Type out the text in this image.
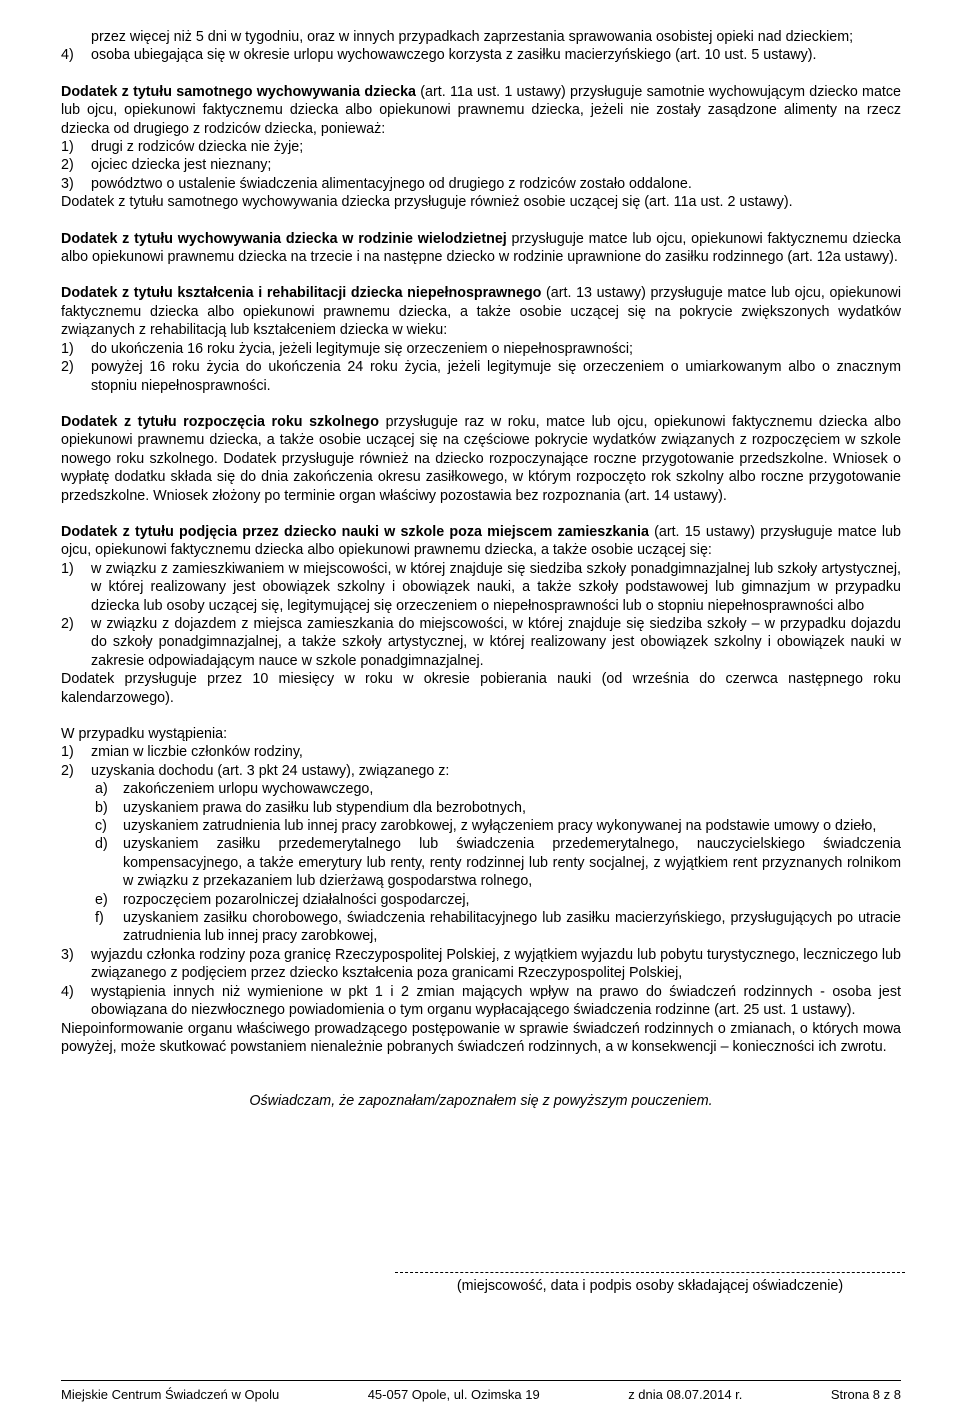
przez więcej niż 5 dni w tygodniu, oraz w innych przypadkach zaprzestania sprawowania osobistej opieki nad dzieckiem;

4)	osoba ubiegająca się w okresie urlopu wychowawczego korzysta z zasiłku macierzyńskiego (art. 10 ust. 5 ustawy).

Dodatek z tytułu samotnego wychowywania dziecka (art. 11a ust. 1 ustawy) przysługuje samotnie wychowującym dziecko matce lub ojcu, opiekunowi faktycznemu dziecka albo opiekunowi prawnemu dziecka, jeżeli nie zostały zasądzone alimenty na rzecz dziecka od drugiego z rodziców dziecka, ponieważ:

1)	drugi z rodziców dziecka nie żyje;
2)	ojciec dziecka jest nieznany;
3)	powództwo o ustalenie świadczenia alimentacyjnego od drugiego z rodziców zostało oddalone.

Dodatek z tytułu samotnego wychowywania dziecka przysługuje również osobie uczącej się (art. 11a ust. 2 ustawy).

Dodatek z tytułu wychowywania dziecka w rodzinie wielodzietnej przysługuje matce lub ojcu, opiekunowi faktycznemu dziecka albo opiekunowi prawnemu dziecka na trzecie i na następne dziecko w rodzinie uprawnione do zasiłku rodzinnego (art. 12a ustawy).

Dodatek z tytułu kształcenia i rehabilitacji dziecka niepełnosprawnego (art. 13 ustawy) przysługuje matce lub ojcu, opiekunowi faktycznemu dziecka albo opiekunowi prawnemu dziecka, a także osobie uczącej się na pokrycie zwiększonych wydatków związanych z rehabilitacją lub kształceniem dziecka w wieku:

1)	do ukończenia 16 roku życia, jeżeli legitymuje się orzeczeniem o niepełnosprawności;
2)	powyżej 16 roku życia do ukończenia 24 roku życia, jeżeli legitymuje się orzeczeniem o umiarkowanym albo o znacznym stopniu niepełnosprawności.

Dodatek z tytułu rozpoczęcia roku szkolnego przysługuje raz w roku, matce lub ojcu, opiekunowi faktycznemu dziecka albo opiekunowi prawnemu dziecka, a także osobie uczącej się na częściowe pokrycie wydatków związanych z rozpoczęciem w szkole nowego roku szkolnego. Dodatek przysługuje również na dziecko rozpoczynające roczne przygotowanie przedszkolne. Wniosek o wypłatę dodatku składa się do dnia zakończenia okresu zasiłkowego, w którym rozpoczęto rok szkolny albo roczne przygotowanie przedszkolne. Wniosek złożony po terminie organ właściwy pozostawia bez rozpoznania (art. 14 ustawy).

Dodatek z tytułu podjęcia przez dziecko nauki w szkole poza miejscem zamieszkania (art. 15 ustawy) przysługuje matce lub ojcu, opiekunowi faktycznemu dziecka albo opiekunowi prawnemu dziecka, a także osobie uczącej się:

1)	w związku z zamieszkiwaniem w miejscowości, w której znajduje się siedziba szkoły ponadgimnazjalnej lub szkoły artystycznej, w której realizowany jest obowiązek szkolny i obowiązek nauki, a także szkoły podstawowej lub gimnazjum w przypadku dziecka lub osoby uczącej się, legitymującej się orzeczeniem o niepełnosprawności lub o stopniu niepełnosprawności albo
2)	w związku z dojazdem z miejsca zamieszkania do miejscowości, w której znajduje się siedziba szkoły – w przypadku dojazdu do szkoły ponadgimnazjalnej, a także szkoły artystycznej, w której realizowany jest obowiązek szkolny i obowiązek nauki w zakresie odpowiadającym nauce w szkole ponadgimnazjalnej.

Dodatek przysługuje przez 10 miesięcy w roku w okresie pobierania nauki (od września do czerwca następnego roku kalendarzowego).

W przypadku wystąpienia:

1)	zmian w liczbie członków rodziny,
2)	uzyskania dochodu (art. 3 pkt 24 ustawy), związanego z:
a)	zakończeniem urlopu wychowawczego,
b)	uzyskaniem prawa do zasiłku lub stypendium dla bezrobotnych,
c)	uzyskaniem zatrudnienia lub innej pracy zarobkowej, z wyłączeniem pracy wykonywanej na podstawie umowy o dzieło,
d)	uzyskaniem zasiłku przedemerytalnego lub świadczenia przedemerytalnego, nauczycielskiego świadczenia kompensacyjnego, a także emerytury lub renty, renty rodzinnej lub renty socjalnej, z wyjątkiem rent przyznanych rolnikom w związku z przekazaniem lub dzierżawą gospodarstwa rolnego,
e)	rozpoczęciem pozarolniczej działalności gospodarczej,
f)	uzyskaniem zasiłku chorobowego, świadczenia rehabilitacyjnego lub zasiłku macierzyńskiego, przysługujących po utracie zatrudnienia lub innej pracy zarobkowej,
3)	wyjazdu członka rodziny poza granicę Rzeczypospolitej Polskiej, z wyjątkiem wyjazdu lub pobytu turystycznego, leczniczego lub związanego z podjęciem przez dziecko kształcenia poza granicami Rzeczypospolitej Polskiej,
4)	wystąpienia innych niż wymienione w pkt 1 i 2 zmian mających wpływ na prawo do świadczeń rodzinnych - osoba jest obowiązana do niezwłocznego powiadomienia o tym organu wypłacającego świadczenia rodzinne (art. 25 ust. 1 ustawy).

Niepoinformowanie organu właściwego prowadzącego postępowanie w sprawie świadczeń rodzinnych o zmianach, o których mowa powyżej, może skutkować powstaniem nienależnie pobranych świadczeń rodzinnych, a w konsekwencji – konieczności ich zwrotu.

Oświadczam, że zapoznałam/zapoznałem się z powyższym pouczeniem.

(miejscowość, data i podpis osoby składającej oświadczenie)
Miejskie Centrum Świadczeń w Opolu	45-057 Opole, ul. Ozimska 19	z dnia 08.07.2014 r.	Strona 8 z 8
